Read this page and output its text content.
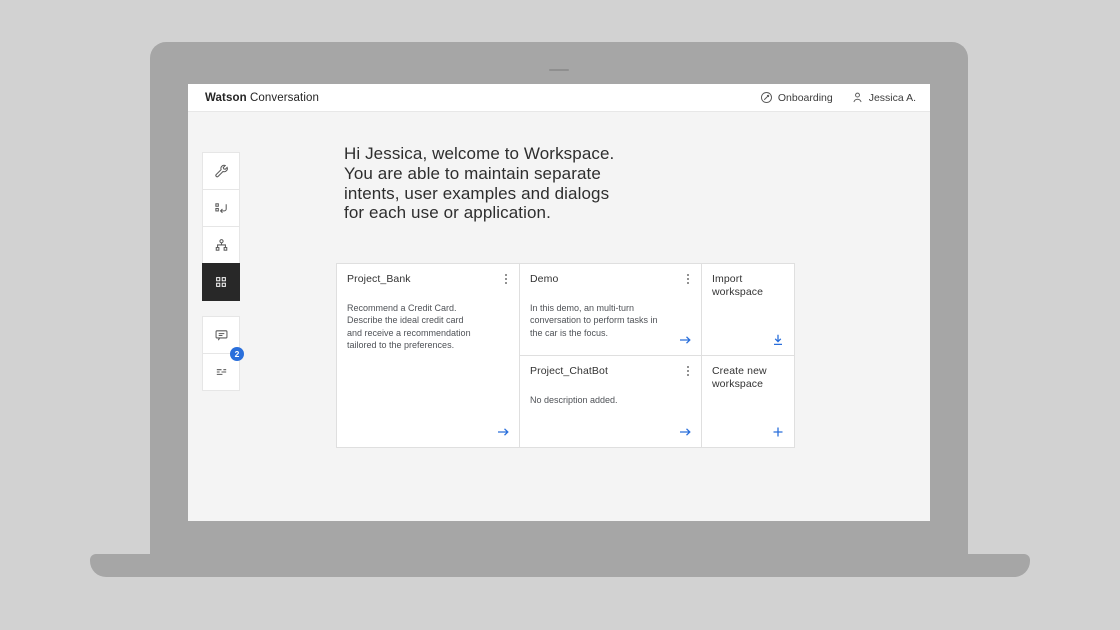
Watson Conversation	Onboarding	Jessica A.
2
Hi Jessica, welcome to Workspace.
You are able to maintain separate
intents, user examples and dialogs
for each use or application.
Project_Bank
Recommend a Credit Card. Describe the ideal credit card and receive a recommendation tailored to the preferences.
Demo
In this demo, an multi-turn conversation to perform tasks in the car is the focus.
Import workspace
Project_ChatBot
No description added.
Create new workspace
